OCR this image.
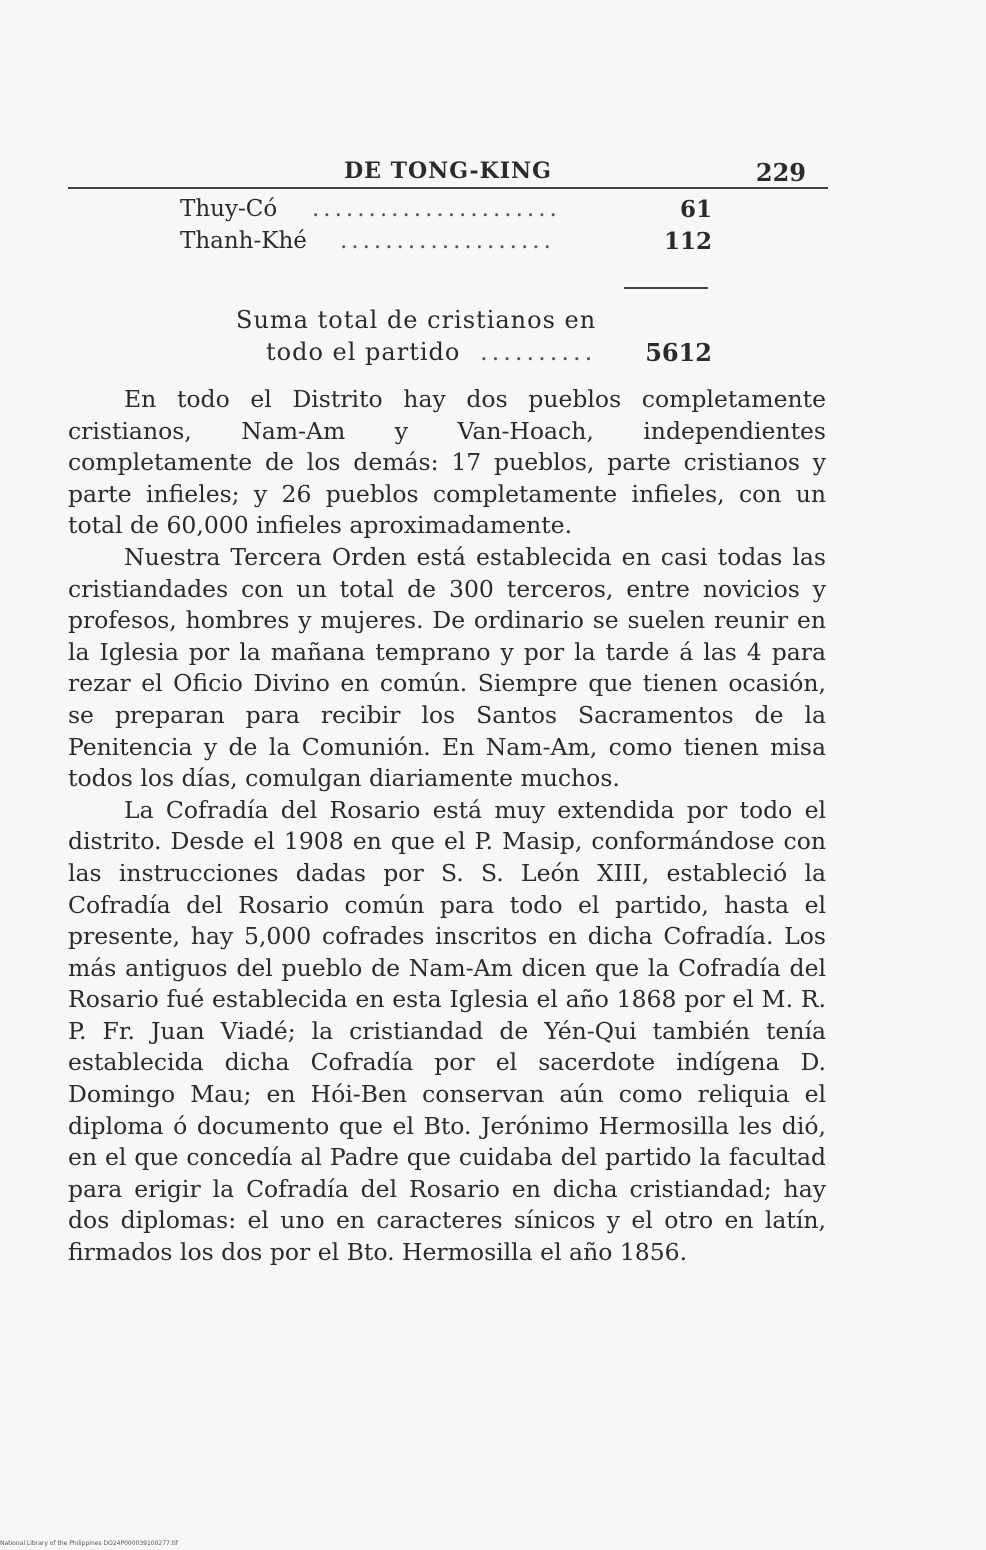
DE TONG-KING	229
Thuy-Có ......................	61
Thanh-Khé ...................	112
Suma total de cristianos en
todo el partido .......... 5612

En todo el Distrito hay dos pueblos completamente cristianos, Nam-Am y Van-Hoach, independientes completamente de los demás: 17 pueblos, parte cristianos y parte infieles; y 26 pueblos completamente infieles, con un total de 60,000 infieles aproximadamente.

Nuestra Tercera Orden está establecida en casi todas las cristiandades con un total de 300 terceros, entre novicios y profesos, hombres y mujeres. De ordinario se suelen reunir en la Iglesia por la mañana temprano y por la tarde á las 4 para rezar el Oficio Divino en común. Siempre que tienen ocasión, se preparan para recibir los Santos Sacramentos de la Penitencia y de la Comunión. En Nam-Am, como tienen misa todos los días, comulgan diariamente muchos.

La Cofradía del Rosario está muy extendida por todo el distrito. Desde el 1908 en que el P. Masip, conformándose con las instrucciones dadas por S. S. León XIII, estableció la Cofradía del Rosario común para todo el partido, hasta el presente, hay 5,000 cofrades inscritos en dicha Cofradía. Los más antiguos del pueblo de Nam-Am dicen que la Cofradía del Rosario fué establecida en esta Iglesia el año 1868 por el M. R. P. Fr. Juan Viadé; la cristiandad de Yén-Qui también tenía establecida dicha Cofradía por el sacerdote indígena D. Domingo Mau; en Hói-Ben conservan aún como reliquia el diploma ó documento que el Bto. Jerónimo Hermosilla les dió, en el que concedía al Padre que cuidaba del partido la facultad para erigir la Cofradía del Rosario en dicha cristiandad; hay dos diplomas: el uno en caracteres sínicos y el otro en latín, firmados los dos por el Bto. Hermosilla el año 1856.

National Library of the Philippines DO24P000039100277.tif
